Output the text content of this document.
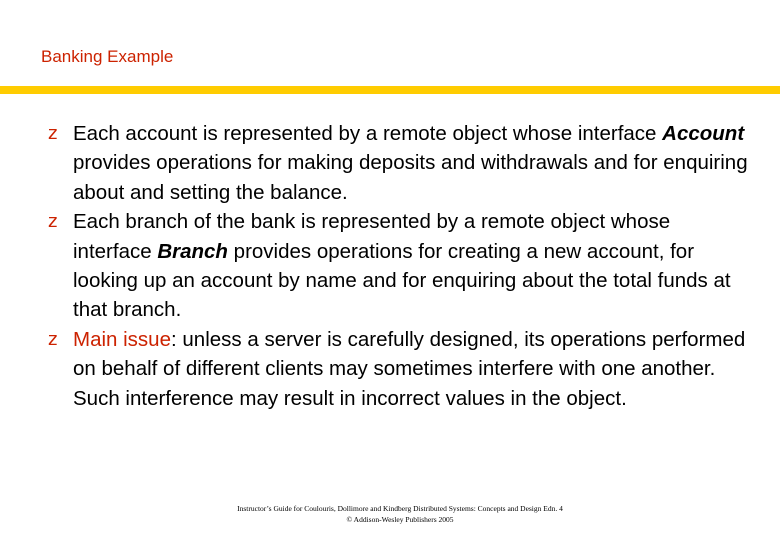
Banking Example
z Each account is represented by a remote object whose interface Account provides operations for making deposits and withdrawals and for enquiring about and setting the balance.
z Each branch of the bank is represented by a remote object whose interface Branch provides operations for creating a new account, for looking up an account by name and for enquiring about the total funds at that branch.
z Main issue: unless a server is carefully designed, its operations performed on behalf of different clients may sometimes interfere with one another. Such interference may result in incorrect values in the object.
Instructor’s Guide for Coulouris, Dollimore and Kindberg Distributed Systems: Concepts and Design Edn. 4
© Addison-Wesley Publishers 2005
